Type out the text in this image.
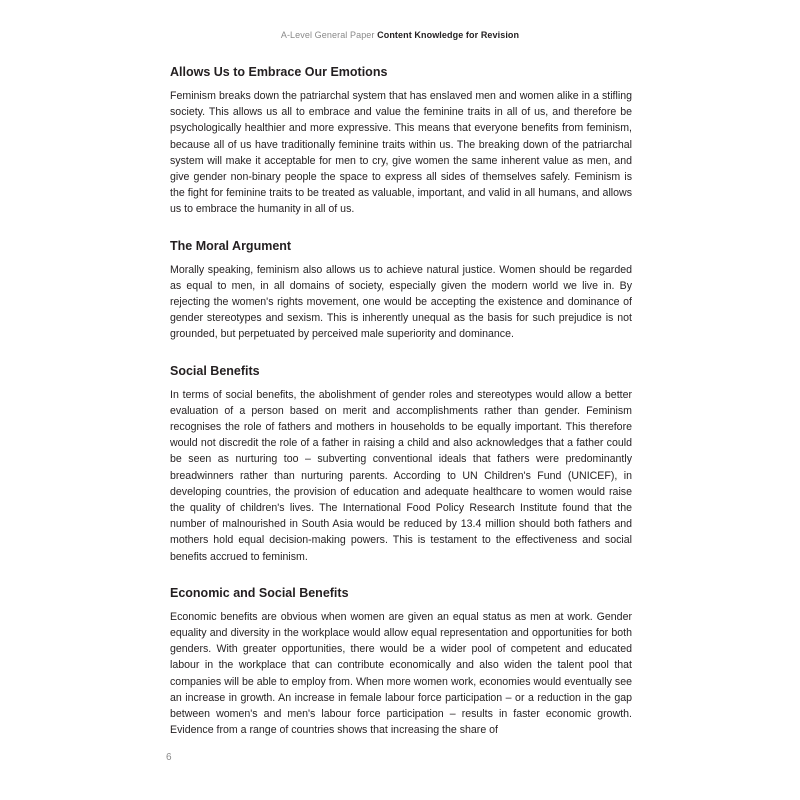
A-Level General Paper Content Knowledge for Revision
Allows Us to Embrace Our Emotions

Feminism breaks down the patriarchal system that has enslaved men and women alike in a stifling society. This allows us all to embrace and value the feminine traits in all of us, and therefore be psychologically healthier and more expressive. This means that everyone benefits from feminism, because all of us have traditionally feminine traits within us. The breaking down of the patriarchal system will make it acceptable for men to cry, give women the same inherent value as men, and give gender non-binary people the space to express all sides of themselves safely. Feminism is the fight for feminine traits to be treated as valuable, important, and valid in all humans, and allows us to embrace the humanity in all of us.

The Moral Argument

Morally speaking, feminism also allows us to achieve natural justice. Women should be regarded as equal to men, in all domains of society, especially given the modern world we live in. By rejecting the women's rights movement, one would be accepting the existence and dominance of gender stereotypes and sexism. This is inherently unequal as the basis for such prejudice is not grounded, but perpetuated by perceived male superiority and dominance.

Social Benefits

In terms of social benefits, the abolishment of gender roles and stereotypes would allow a better evaluation of a person based on merit and accomplishments rather than gender. Feminism recognises the role of fathers and mothers in households to be equally important. This therefore would not discredit the role of a father in raising a child and also acknowledges that a father could be seen as nurturing too – subverting conventional ideals that fathers were predominantly breadwinners rather than nurturing parents. According to UN Children's Fund (UNICEF), in developing countries, the provision of education and adequate healthcare to women would raise the quality of children's lives. The International Food Policy Research Institute found that the number of malnourished in South Asia would be reduced by 13.4 million should both fathers and mothers hold equal decision-making powers. This is testament to the effectiveness and social benefits accrued to feminism.

Economic and Social Benefits

Economic benefits are obvious when women are given an equal status as men at work. Gender equality and diversity in the workplace would allow equal representation and opportunities for both genders. With greater opportunities, there would be a wider pool of competent and educated labour in the workplace that can contribute economically and also widen the talent pool that companies will be able to employ from. When more women work, economies would eventually see an increase in growth. An increase in female labour force participation – or a reduction in the gap between women's and men's labour force participation – results in faster economic growth. Evidence from a range of countries shows that increasing the share of

6
